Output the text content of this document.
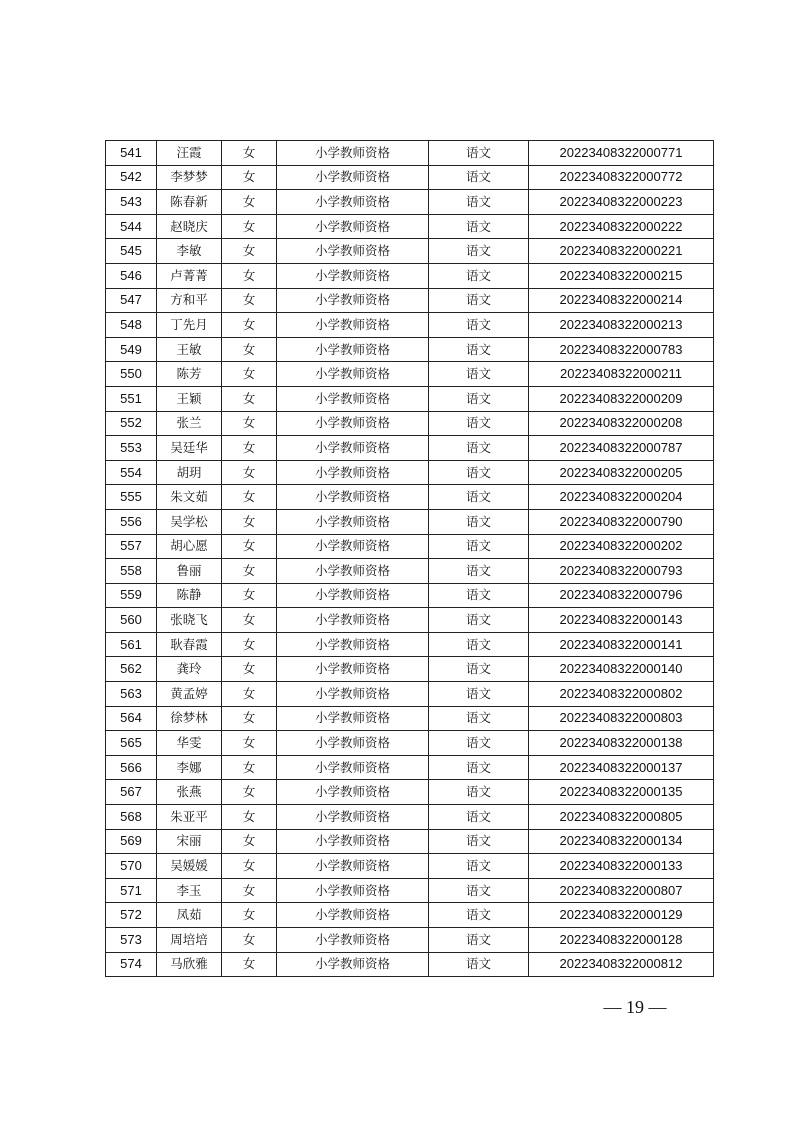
541	汪霞	女	小学教师资格	语文	20223408322000771
542	李梦梦	女	小学教师资格	语文	20223408322000772
543	陈春新	女	小学教师资格	语文	20223408322000223
544	赵晓庆	女	小学教师资格	语文	20223408322000222
545	李敏	女	小学教师资格	语文	20223408322000221
546	卢菁菁	女	小学教师资格	语文	20223408322000215
547	方和平	女	小学教师资格	语文	20223408322000214
548	丁先月	女	小学教师资格	语文	20223408322000213
549	王敏	女	小学教师资格	语文	20223408322000783
550	陈芳	女	小学教师资格	语文	20223408322000211
551	王颖	女	小学教师资格	语文	20223408322000209
552	张兰	女	小学教师资格	语文	20223408322000208
553	吴廷华	女	小学教师资格	语文	20223408322000787
554	胡玥	女	小学教师资格	语文	20223408322000205
555	朱文茹	女	小学教师资格	语文	20223408322000204
556	吴学松	女	小学教师资格	语文	20223408322000790
557	胡心愿	女	小学教师资格	语文	20223408322000202
558	鲁丽	女	小学教师资格	语文	20223408322000793
559	陈静	女	小学教师资格	语文	20223408322000796
560	张晓飞	女	小学教师资格	语文	20223408322000143
561	耿春霞	女	小学教师资格	语文	20223408322000141
562	龚玲	女	小学教师资格	语文	20223408322000140
563	黄孟婷	女	小学教师资格	语文	20223408322000802
564	徐梦林	女	小学教师资格	语文	20223408322000803
565	华雯	女	小学教师资格	语文	20223408322000138
566	李娜	女	小学教师资格	语文	20223408322000137
567	张燕	女	小学教师资格	语文	20223408322000135
568	朱亚平	女	小学教师资格	语文	20223408322000805
569	宋丽	女	小学教师资格	语文	20223408322000134
570	吴媛媛	女	小学教师资格	语文	20223408322000133
571	李玉	女	小学教师资格	语文	20223408322000807
572	凤茹	女	小学教师资格	语文	20223408322000129
573	周培培	女	小学教师资格	语文	20223408322000128
574	马欣雅	女	小学教师资格	语文	20223408322000812
— 19 —
